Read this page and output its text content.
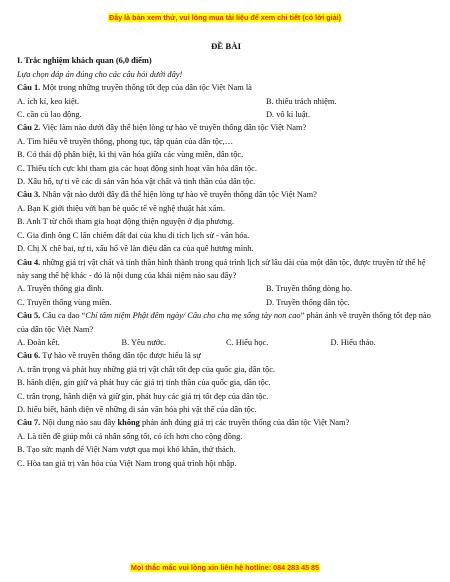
Đây là bản xem thử, vui lòng mua tài liệu để xem chi tiết (có lời giải)
ĐỀ BÀI
I. Trắc nghiệm khách quan (6,0 điểm)
Lựa chọn đáp án đúng cho các câu hỏi dưới đây!
Câu 1. Một trong những truyền thống tốt đẹp của dân tộc Việt Nam là
A. ích kỉ, keo kiệt.	B. thiếu trách nhiệm.
C. cần cù lao động.	D. vô kỉ luật.
Câu 2. Việc làm nào dưới đây thể hiện lòng tự hào về truyền thống dân tộc Việt Nam?
A. Tìm hiểu về truyền thống, phong tục, tập quán của dân tộc,…
B. Có thái độ phân biệt, kì thị văn hóa giữa các vùng miền, dân tộc.
C. Thiếu tích cực khi tham gia các hoạt động sinh hoạt văn hóa dân tộc.
D. Xấu hổ, tự ti về các di sản văn hóa vật chất và tinh thần của dân tộc.
Câu 3. Nhân vật nào dưới đây đã thể hiện lòng tự hào về truyền thống dân tộc Việt Nam?
A. Bạn K giới thiệu với bạn bè quốc tế về nghệ thuật hát xẩm.
B. Anh T từ chối tham gia hoạt động thiện nguyện ở địa phương.
C. Gia đình ông C lấn chiếm đất đai của khu di tích lịch sử - văn hóa.
D. Chị X chê bai, tự ti, xấu hổ về làn điệu dân ca của quê hương mình.
Câu 4. những giá trị vật chất và tinh thần hình thành trong quá trình lịch sử lâu dài của một dân tộc, được truyền từ thế hệ này sang thế hệ khác - đó là nội dung của khái niệm nào sau đây?
A. Truyền thống gia đình.	B. Truyền thống dòng họ.
C. Truyền thống vùng miền.	D. Truyền thống dân tộc.
Câu 5. Câu ca dao “Chí tâm niệm Phật đêm ngày/ Câu cho cha mẹ sống tày non cao” phản ánh về truyền thống tốt đẹp nào của dân tộc Việt Nam?
A. Đoàn kết.	B. Yêu nước.	C. Hiếu học.	D. Hiếu thảo.
Câu 6. Tự hào về truyền thống dân tộc được hiểu là sự
A. trân trọng và phát huy những giá trị vật chất tốt đẹp của quốc gia, dân tộc.
B. hãnh diện, gìn giữ và phát huy các giá trị tinh thần của quốc gia, dân tộc.
C. trân trọng, hãnh diện và giữ gìn, phát huy các giá trị tốt đẹp của dân tộc.
D. hiểu biết, hãnh diện về những di sản văn hóa phi vật thể của dân tộc.
Câu 7. Nội dung nào sau đây không phản ánh đúng giá trị các truyền thống của dân tộc Việt Nam?
A. Là tiền đề giúp mỗi cá nhân sống tốt, có ích hơn cho cộng đồng.
B. Tạo sức mạnh để Việt Nam vượt qua mọi khó khăn, thử thách.
C. Hòa tan giá trị văn hóa của Việt Nam trong quá trình hội nhập.
Mọi thắc mắc vui lòng xin liên hệ hotline: 084 283 45 85
